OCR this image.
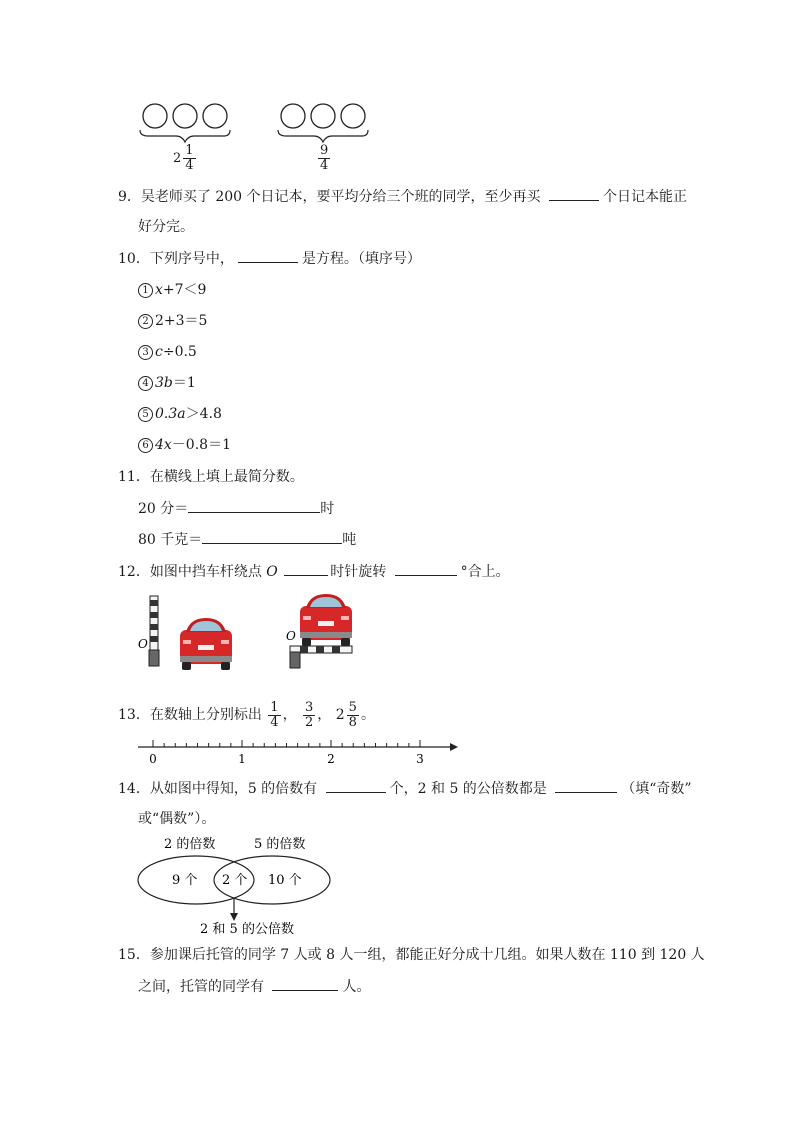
$2 \frac{1}{4}$	$\frac{9}{4}$
9．吴老师买了 200 个日记本，要平均分给三个班的同学，至少再买	个日记本能正
好分完。
10．下列序号中，	是方程。（填序号）
1 x+7＜9
2 2+3＝5
3 c÷0.5
4 3b＝1
5 0.3a＞4.8
6 4x－0.8＝1
11．在横线上填上最简分数。
20 分＝	时
80 千克＝	吨
12．如图中挡车杆绕点 O	时针旋转	°合上。
O
O
13．在数轴上分别标出 $\frac{1}{4}$ ， $\frac{3}{2}$ ， $2 \frac{5}{8}$ 。
0	1	2	3
14．从如图中得知，5 的倍数有	个，2 和 5 的公倍数都是	（填“奇数”
或“偶数”）。
2 的倍数	5 的倍数
9 个 2 个 10 个
2 和 5 的公倍数
15．参加课后托管的同学 7 人或 8 人一组，都能正好分成十几组。如果人数在 110 到 120 人
之间，托管的同学有	人。
